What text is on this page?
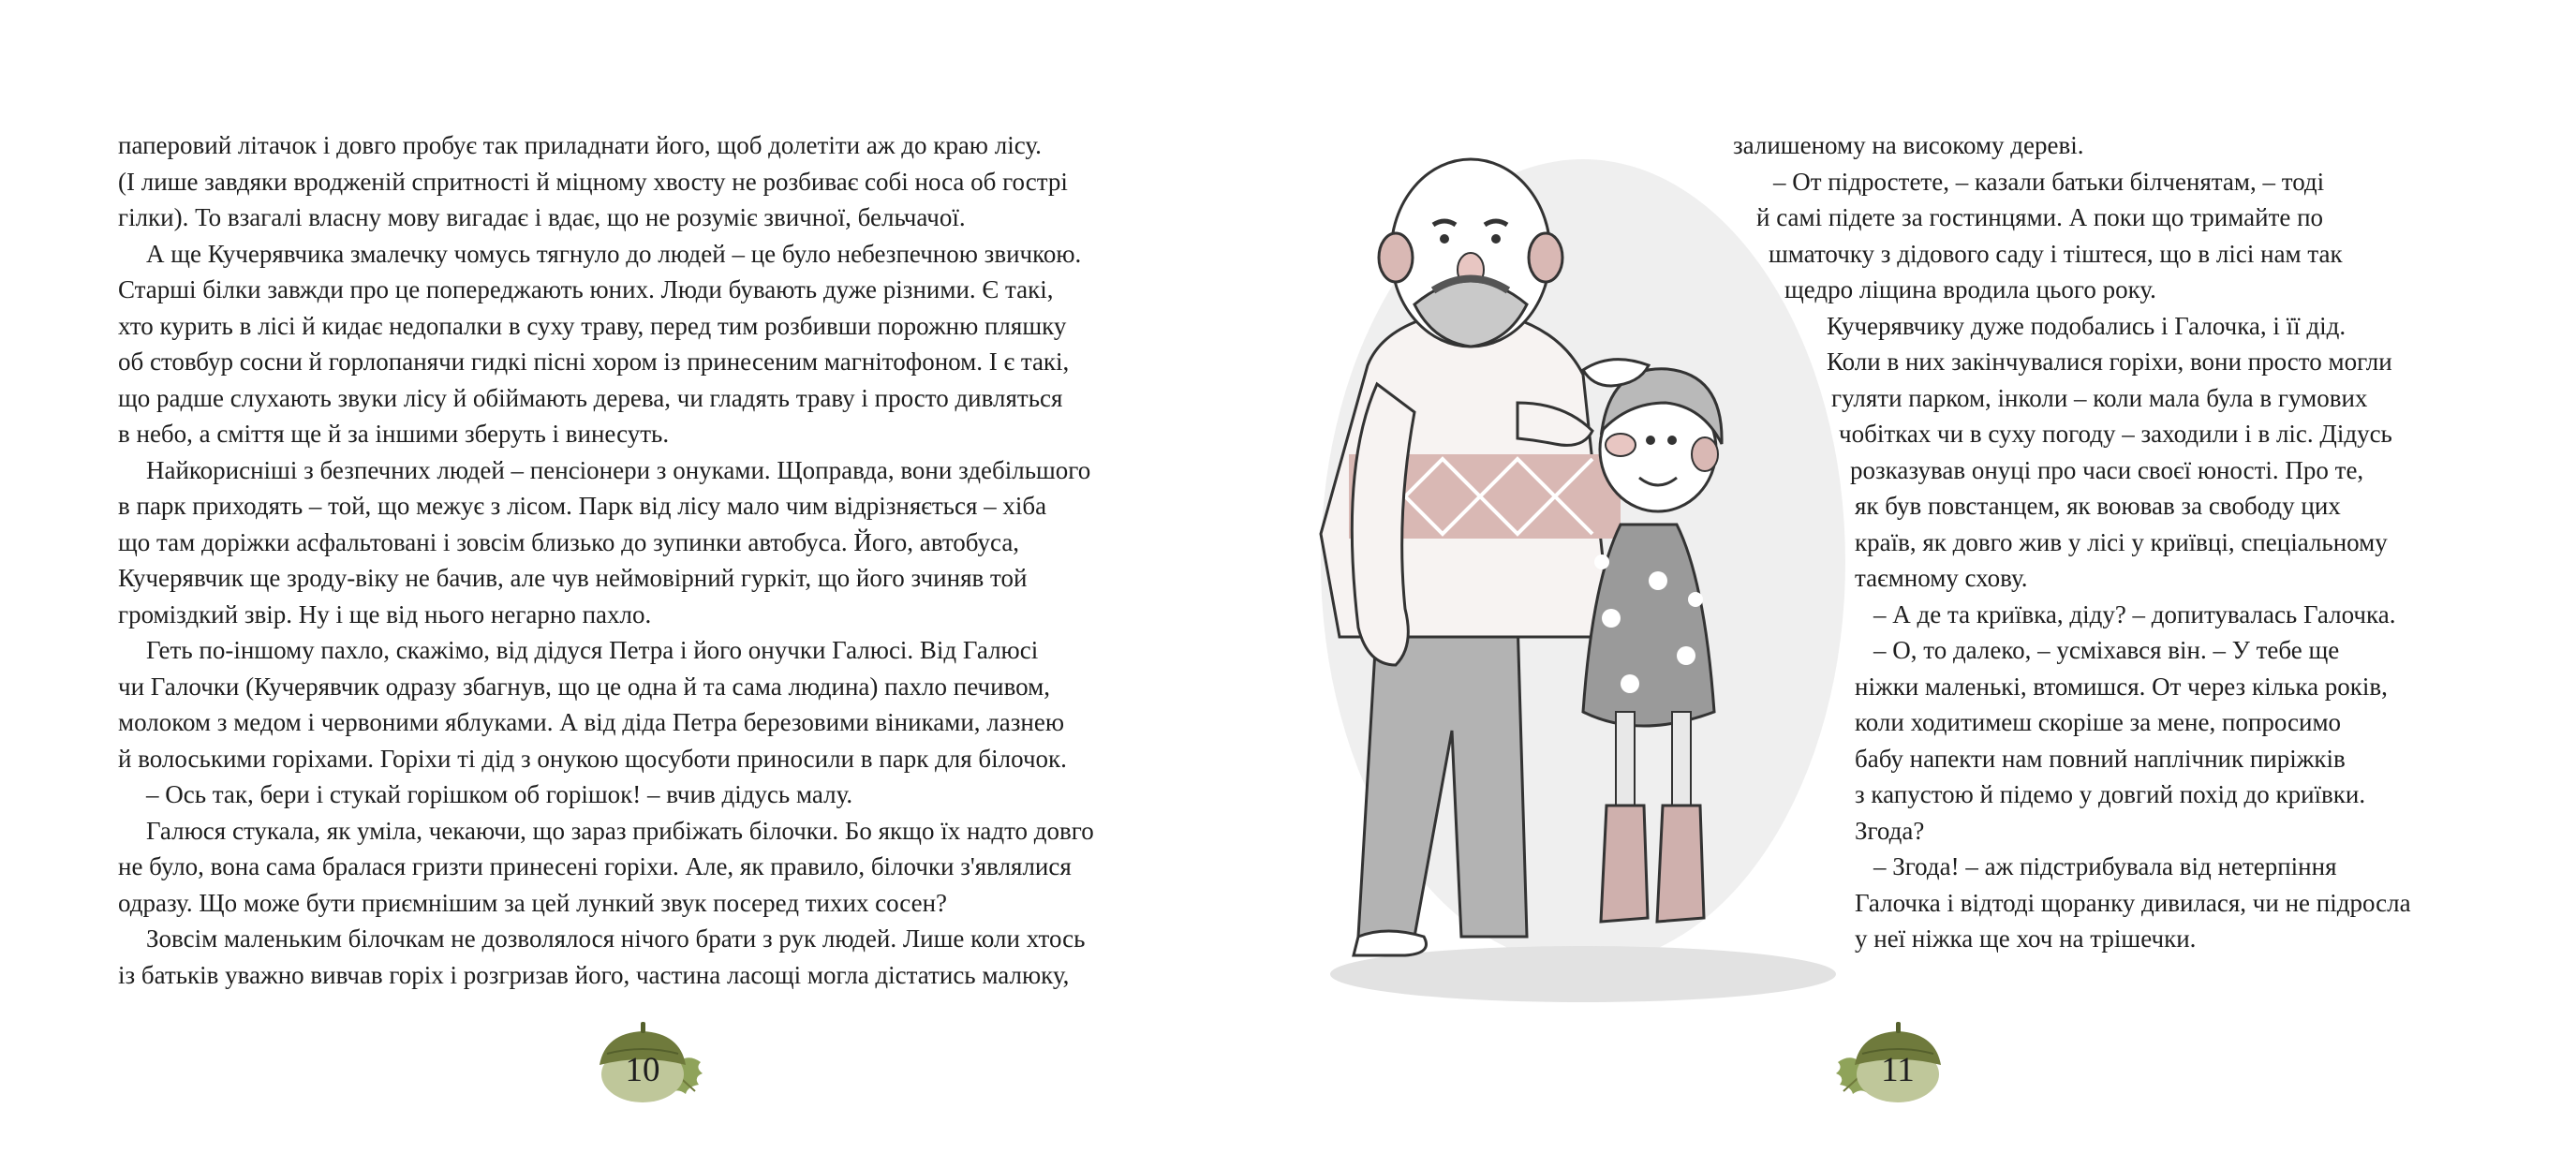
паперовий літачок і довго пробує так приладнати його, щоб долетіти аж до краю лісу.
(І лише завдяки вродженій спритності й міцному хвосту не розбиває собі носа об гострі
гілки). То взагалі власну мову вигадає і вдає, що не розуміє звичної, бельчачої.
А ще Кучерявчика змалечку чомусь тягнуло до людей – це було небезпечною звичкою.
Старші білки завжди про це попереджають юних. Люди бувають дуже різними. Є такі,
хто курить в лісі й кидає недопалки в суху траву, перед тим розбивши порожню пляшку
об стовбур сосни й горлопанячи гидкі пісні хором із принесеним магнітофоном. І є такі,
що радше слухають звуки лісу й обіймають дерева, чи гладять траву і просто дивляться
в небо, а сміття ще й за іншими зберуть і винесуть.
Найкорисніші з безпечних людей – пенсіонери з онуками. Щоправда, вони здебільшого
в парк приходять – той, що межує з лісом. Парк від лісу мало чим відрізняється – хіба
що там доріжки асфальтовані і зовсім близько до зупинки автобуса. Його, автобуса,
Кучерявчик ще зроду-віку не бачив, але чув неймовірний гуркіт, що його зчиняв той
громіздкий звір. Ну і ще від нього негарно пахло.
Геть по-іншому пахло, скажімо, від дідуся Петра і його онучки Галюсі. Від Галюсі
чи Галочки (Кучерявчик одразу збагнув, що це одна й та сама людина) пахло печивом,
молоком з медом і червоними яблуками. А від діда Петра березовими віниками, лазнею
й волоськими горіхами. Горіхи ті дід з онукою щосуботи приносили в парк для білочок.
– Ось так, бери і стукай горішком об горішок! – вчив дідусь малу.
Галюся стукала, як уміла, чекаючи, що зараз прибіжать білочки. Бо якщо їх надто довго
не було, вона сама бралася гризти принесені горіхи. Але, як правило, білочки з'являлися
одразу. Що може бути приємнішим за цей лункий звук посеред тихих сосен?
Зовсім маленьким білочкам не дозволялося нічого брати з рук людей. Лише коли хтось
із батьків уважно вивчав горіх і розгризав його, частина ласощі могла дістатись малюку,
10
залишеному на високому дереві.
– От підростете, – казали батьки білченятам, – тоді
й самі підете за гостинцями. А поки що тримайте по
шматочку з дідового саду і тіштеся, що в лісі нам так
щедро ліщина вродила цього року.
Кучерявчику дуже подобались і Галочка, і її дід.
Коли в них закінчувалися горіхи, вони просто могли
гуляти парком, інколи – коли мала була в гумових
чобітках чи в суху погоду – заходили і в ліс. Дідусь
розказував онуці про часи своєї юності. Про те,
як був повстанцем, як воював за свободу цих
країв, як довго жив у лісі у криївці, спеціальному
таємному схову.
– А де та криївка, діду? – допитувалась Галочка.
– О, то далеко, – усміхався він. – У тебе ще
ніжки маленькі, втомишся. От через кілька років,
коли ходитимеш скоріше за мене, попросимо
бабу напекти нам повний наплічник пиріжків
з капустою й підемо у довгий похід до криївки.
Згода?
– Згода! – аж підстрибувала від нетерпіння
Галочка і відтоді щоранку дивилася, чи не підросла
у неї ніжка ще хоч на трішечки.
11
